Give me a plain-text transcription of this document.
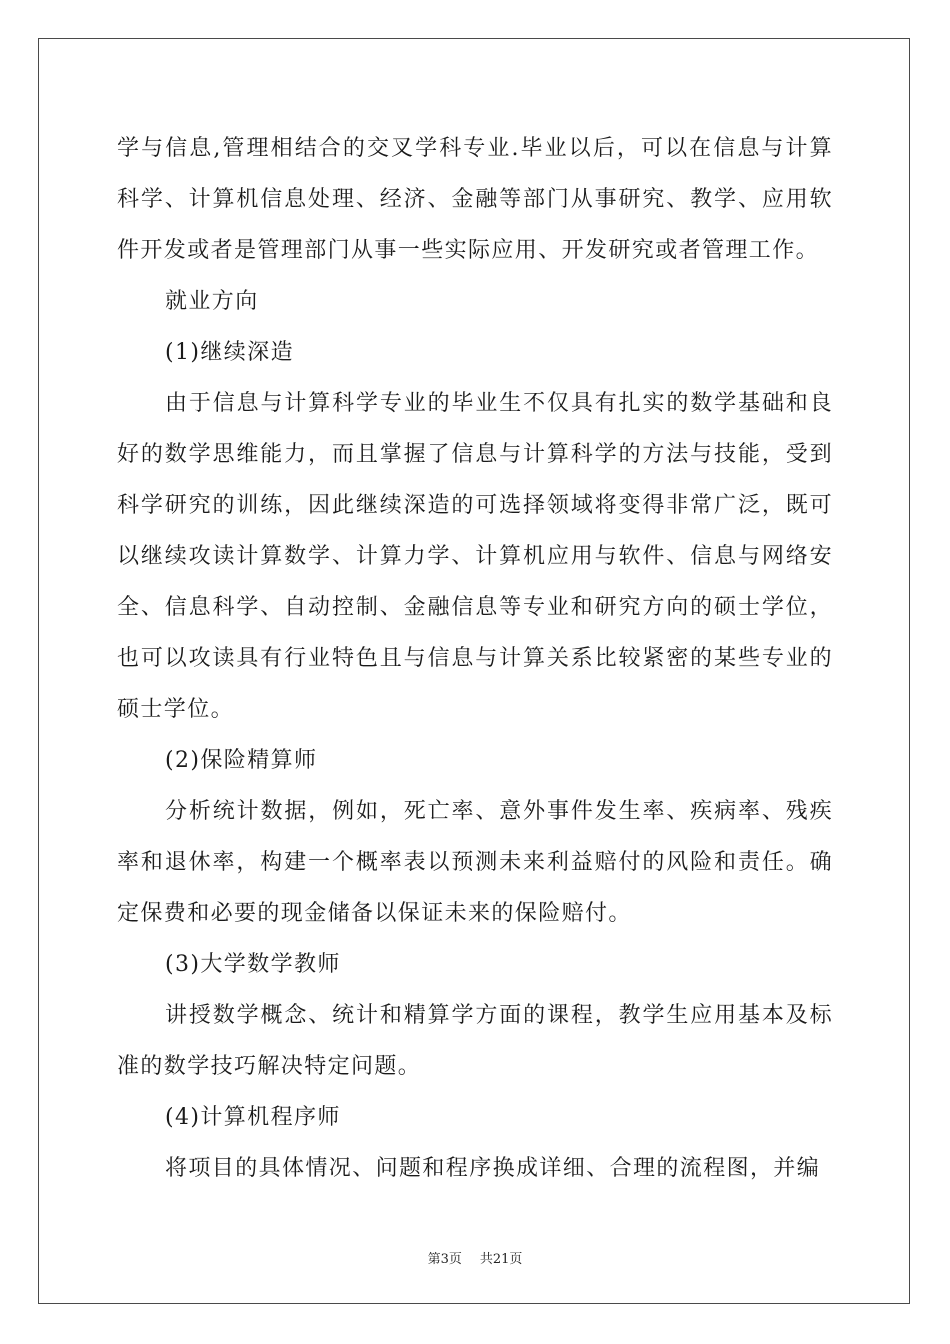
学与信息,管理相结合的交叉学科专业.毕业以后，可以在信息与计算
科学、计算机信息处理、经济、金融等部门从事研究、教学、应用软
件开发或者是管理部门从事一些实际应用、开发研究或者管理工作。
就业方向
(1)继续深造
由于信息与计算科学专业的毕业生不仅具有扎实的数学基础和良
好的数学思维能力，而且掌握了信息与计算科学的方法与技能，受到
科学研究的训练，因此继续深造的可选择领域将变得非常广泛，既可
以继续攻读计算数学、计算力学、计算机应用与软件、信息与网络安
全、信息科学、自动控制、金融信息等专业和研究方向的硕士学位，
也可以攻读具有行业特色且与信息与计算关系比较紧密的某些专业的
硕士学位。
(2)保险精算师
分析统计数据，例如，死亡率、意外事件发生率、疾病率、残疾
率和退休率，构建一个概率表以预测未来利益赔付的风险和责任。确
定保费和必要的现金储备以保证未来的保险赔付。
(3)大学数学教师
讲授数学概念、统计和精算学方面的课程，教学生应用基本及标
准的数学技巧解决特定问题。
(4)计算机程序师
将项目的具体情况、问题和程序换成详细、合理的流程图，并编
第3页 共21页
